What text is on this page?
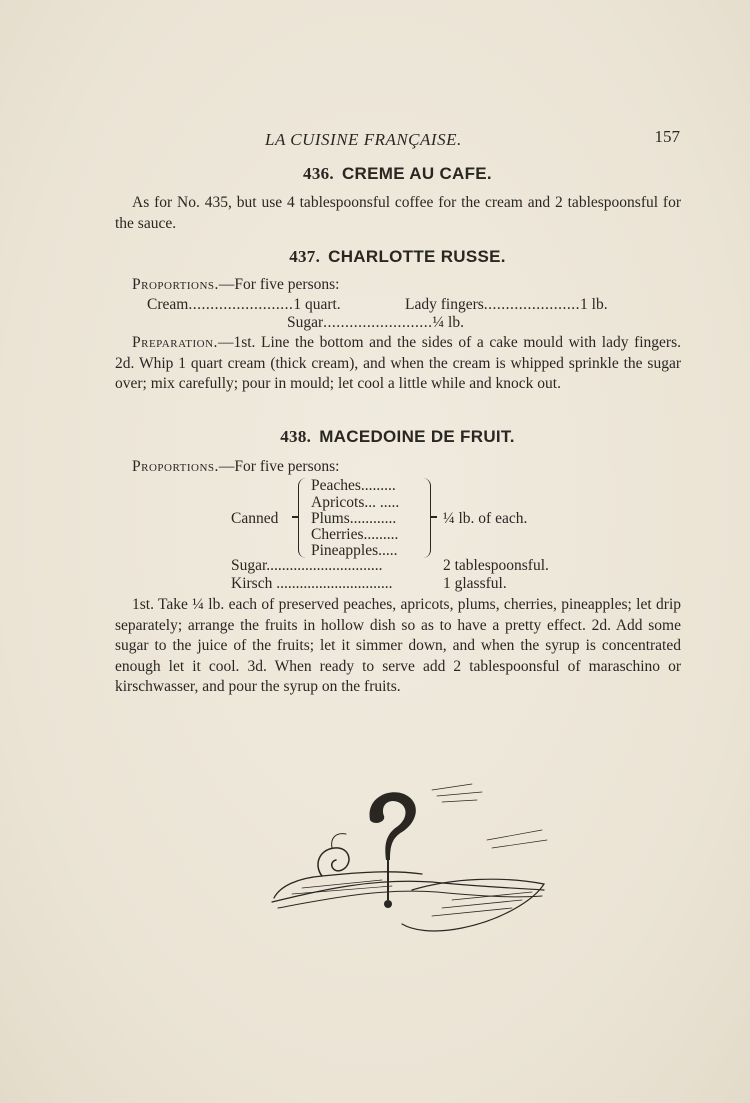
LA CUISINE FRANÇAISE.	157
436. CREME AU CAFE.
As for No. 435, but use 4 tablespoonsful coffee for the cream and 2 tablespoonsful for the sauce.
437. CHARLOTTE RUSSE.
Proportions.—For five persons:
Cream........................1 quart.	Lady fingers......................1 lb.
Sugar.........................¼ lb.
Preparation.—1st. Line the bottom and the sides of a cake mould with lady fingers. 2d. Whip 1 quart cream (thick cream), and when the cream is whipped sprinkle the sugar over; mix carefully; pour in mould; let cool a little while and knock out.
438. MACEDOINE DE FRUIT.
Proportions.—For five persons:
Canned
Peaches.........
Apricots... .....
Plums............
Cherries.........
Pineapples.....
¼ lb. of each.
Sugar..............................	2 tablespoonsful.
Kirsch ..............................	1 glassful.
1st. Take ¼ lb. each of preserved peaches, apricots, plums, cherries, pineapples; let drip separately; arrange the fruits in hollow dish so as to have a pretty effect. 2d. Add some sugar to the juice of the fruits; let it simmer down, and when the syrup is concentrated enough let it cool. 3d. When ready to serve add 2 tablespoonsful of maraschino or kirschwasser, and pour the syrup on the fruits.
